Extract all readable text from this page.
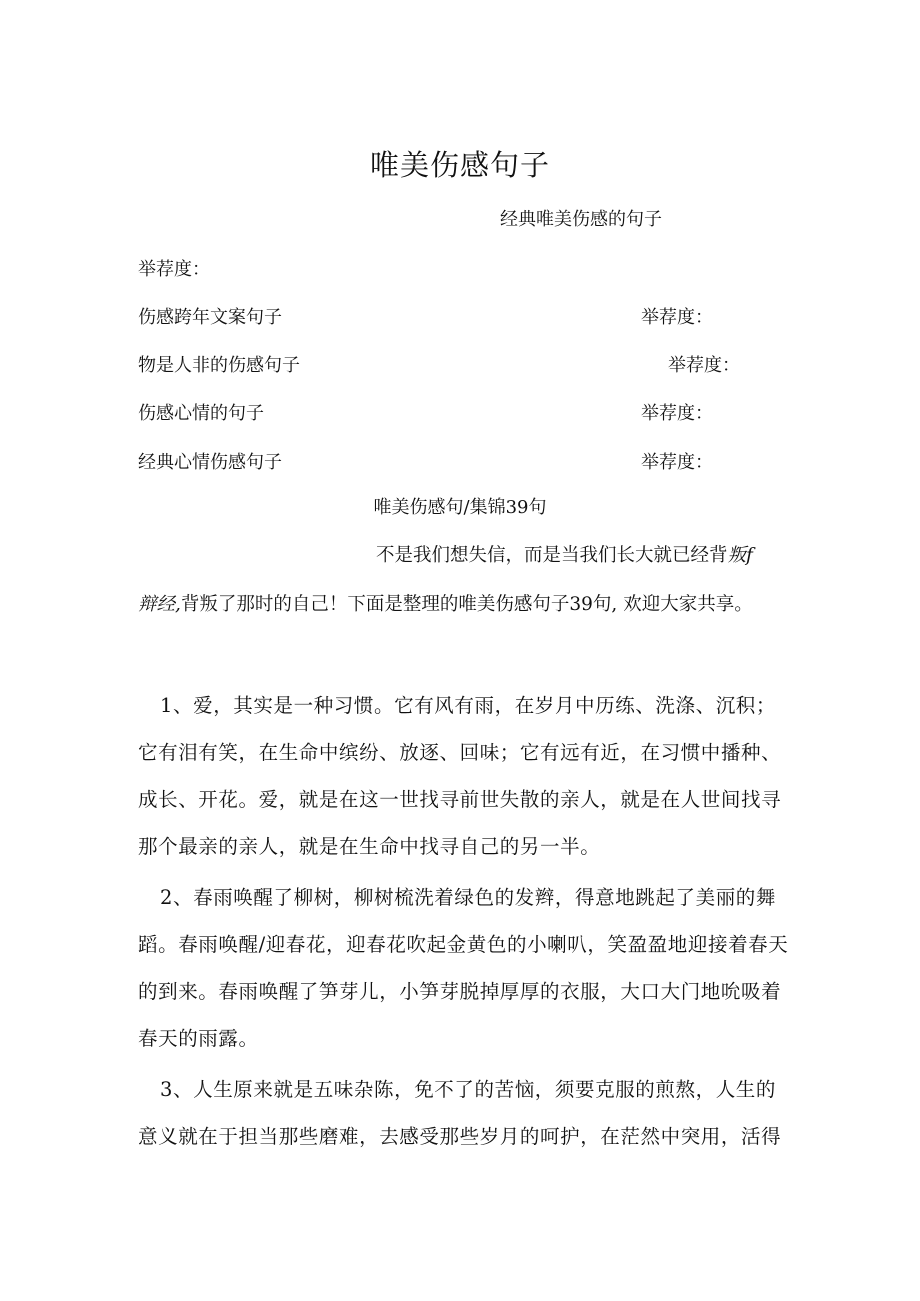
唯美伤感句子
经典唯美伤感的句子
举荐度：
伤感跨年文案句子	举荐度：
物是人非的伤感句子	举荐度：
伤感心情的句子	举荐度：
经典心情伤感句子	举荐度：
唯美伤感句/集锦39句
不是我们想失信，而是当我们长大就已经背叛f
辩经,背叛了那时的自己！下面是整理的唯美伤感句子39句, 欢迎大家共享。
1、爱，其实是一种习惯。它有风有雨，在岁月中历练、洗涤、沉积；
它有泪有笑，在生命中缤纷、放逐、回味；它有远有近，在习惯中播种、
成长、开花。爱，就是在这一世找寻前世失散的亲人，就是在人世间找寻
那个最亲的亲人，就是在生命中找寻自己的另一半。
2、春雨唤醒了柳树，柳树梳洗着绿色的发辫，得意地跳起了美丽的舞
蹈。春雨唤醒/迎春花，迎春花吹起金黄色的小喇叭，笑盈盈地迎接着春天
的到来。春雨唤醒了笋芽儿，小笋芽脱掉厚厚的衣服，大口大门地吮吸着
春天的雨露。
3、人生原来就是五味杂陈，免不了的苦恼，须要克服的煎熬，人生的
意义就在于担当那些磨难，去感受那些岁月的呵护，在茫然中突用，活得
